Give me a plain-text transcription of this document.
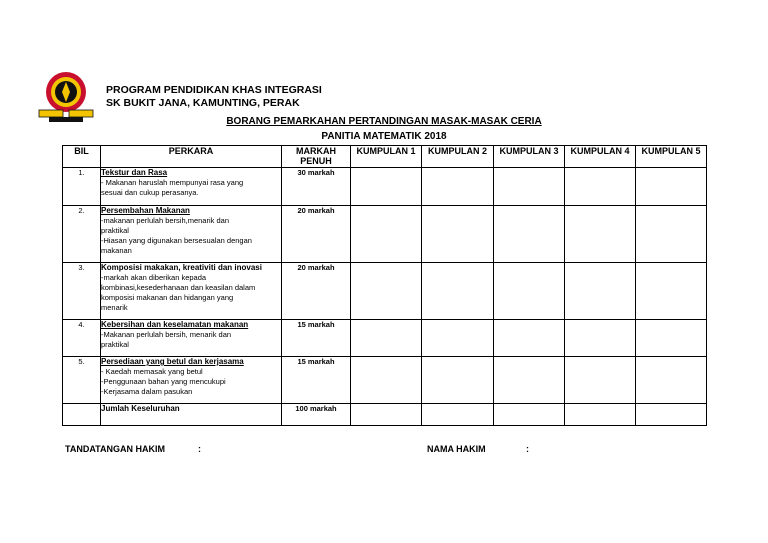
PROGRAM PENDIDIKAN KHAS INTEGRASI
SK BUKIT JANA, KAMUNTING, PERAK
BORANG PEMARKAHAN PERTANDINGAN MASAK-MASAK CERIA
PANITIA MATEMATIK 2018
BIL	PERKARA	MARKAH
PENUH	KUMPULAN 1	KUMPULAN 2	KUMPULAN 3	KUMPULAN 4	KUMPULAN 5
1.	Tekstur dan Rasa
- Makanan haruslah mempunyai rasa yang
sesuai dan cukup perasanya.	30 markah					
2.	Persembahan Makanan
-makanan perlulah bersih,menarik dan
praktikal
-Hiasan yang digunakan bersesualan dengan
makanan	20 markah					
3.	Komposisi makakan, kreativiti dan inovasi
-markah akan diberikan kepada
kombinasi,kesederhanaan dan keasilan dalam
komposisi makanan dan hidangan yang
menarik	20 markah					
4.	Kebersihan dan keselamatan makanan
-Makanan perlulah bersih, menarik dan
praktikal	15 markah					
5.	Persediaan yang betul dan kerjasama
- Kaedah memasak yang betul
-Penggunaan bahan yang mencukupi
-Kerjasama dalam pasukan	15 markah					

	Jumlah Keseluruhan	100 markah					
TANDATANGAN HAKIM	:	NAMA HAKIM	:
